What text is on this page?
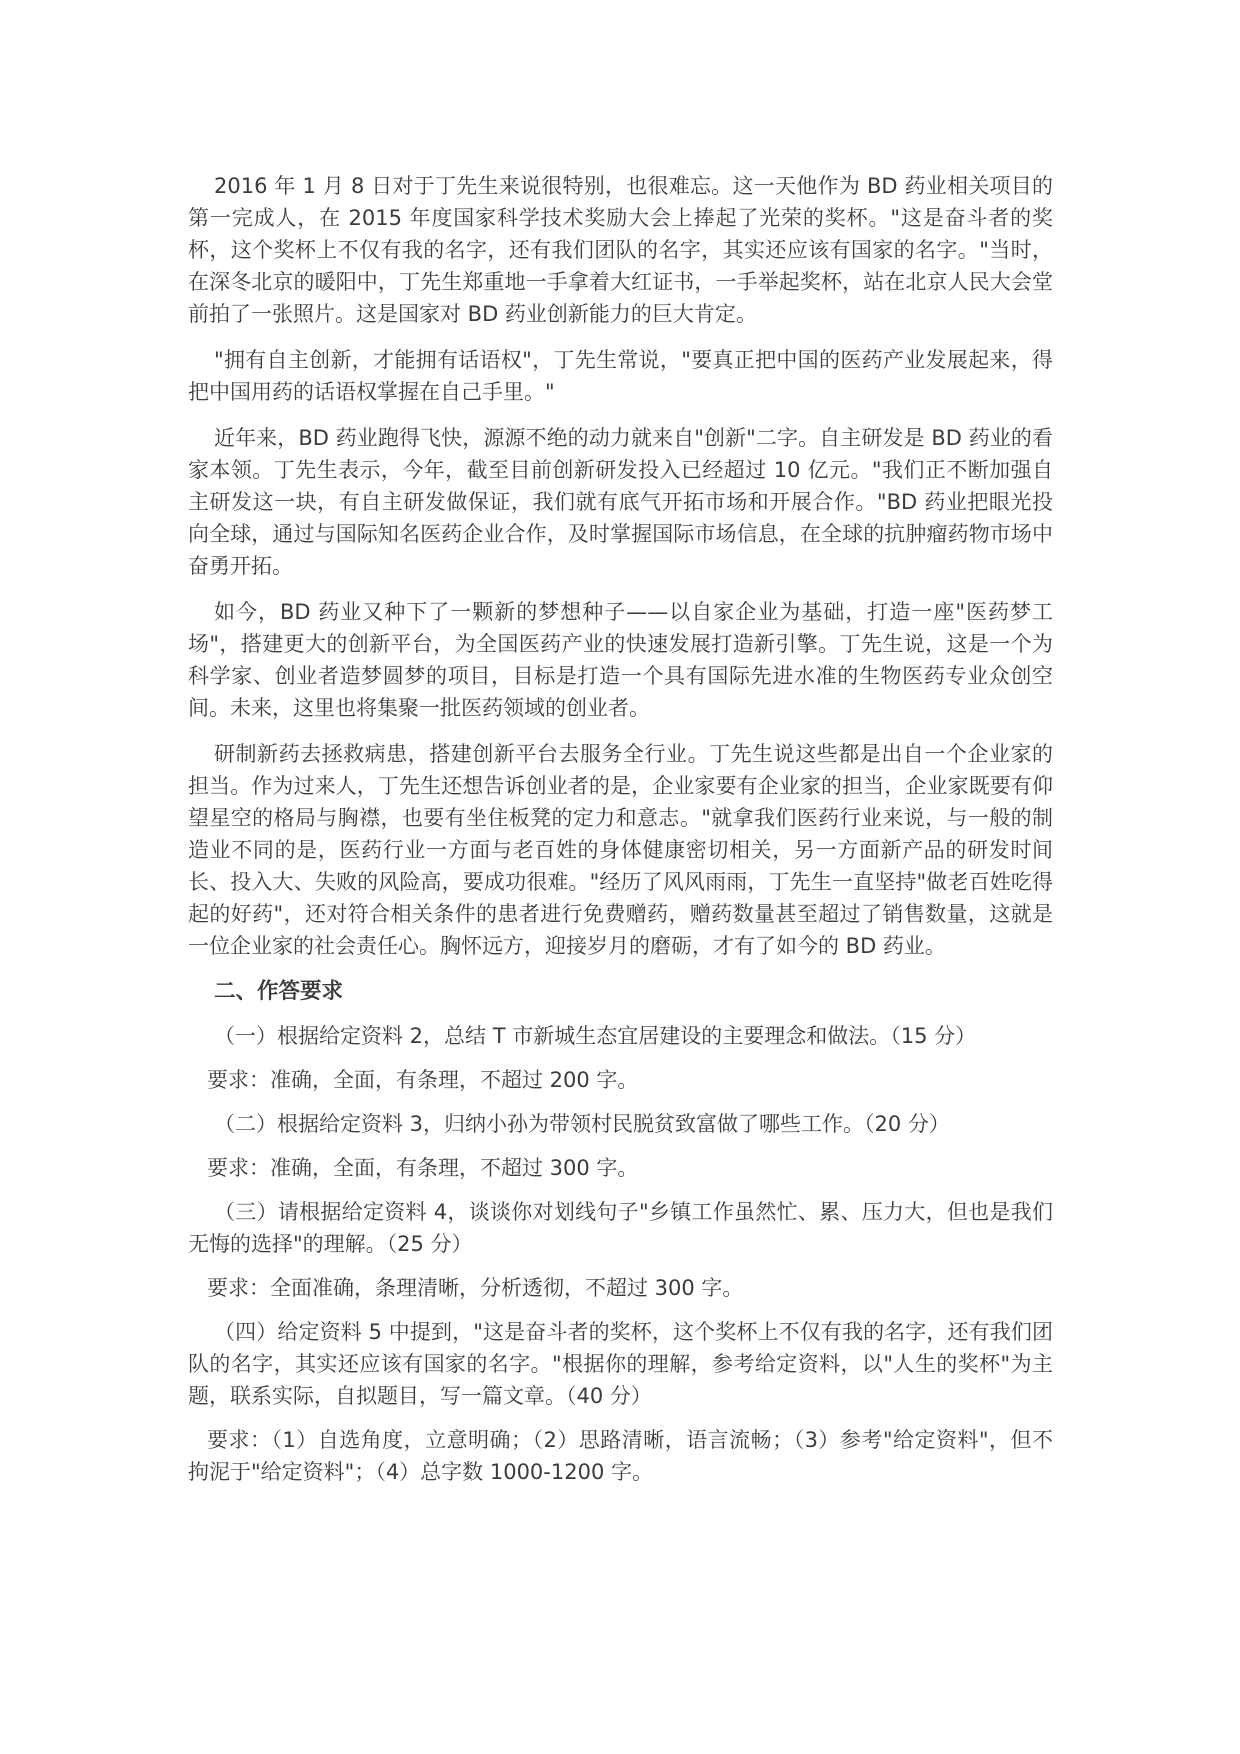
2016 年 1 月 8 日对于丁先生来说很特别，也很难忘。这一天他作为 BD 药业相关项目的第一完成人，在 2015 年度国家科学技术奖励大会上捧起了光荣的奖杯。"这是奋斗者的奖杯，这个奖杯上不仅有我的名字，还有我们团队的名字，其实还应该有国家的名字。"当时，在深冬北京的暖阳中，丁先生郑重地一手拿着大红证书，一手举起奖杯，站在北京人民大会堂前拍了一张照片。这是国家对 BD 药业创新能力的巨大肯定。

"拥有自主创新，才能拥有话语权"，丁先生常说，"要真正把中国的医药产业发展起来，得把中国用药的话语权掌握在自己手里。"

近年来，BD 药业跑得飞快，源源不绝的动力就来自"创新"二字。自主研发是 BD 药业的看家本领。丁先生表示，今年，截至目前创新研发投入已经超过 10 亿元。"我们正不断加强自主研发这一块，有自主研发做保证，我们就有底气开拓市场和开展合作。"BD 药业把眼光投向全球，通过与国际知名医药企业合作，及时掌握国际市场信息，在全球的抗肿瘤药物市场中奋勇开拓。

如今，BD 药业又种下了一颗新的梦想种子——以自家企业为基础，打造一座"医药梦工场"，搭建更大的创新平台，为全国医药产业的快速发展打造新引擎。丁先生说，这是一个为科学家、创业者造梦圆梦的项目，目标是打造一个具有国际先进水准的生物医药专业众创空间。未来，这里也将集聚一批医药领域的创业者。

研制新药去拯救病患，搭建创新平台去服务全行业。丁先生说这些都是出自一个企业家的担当。作为过来人，丁先生还想告诉创业者的是，企业家要有企业家的担当，企业家既要有仰望星空的格局与胸襟，也要有坐住板凳的定力和意志。"就拿我们医药行业来说，与一般的制造业不同的是，医药行业一方面与老百姓的身体健康密切相关，另一方面新产品的研发时间长、投入大、失败的风险高，要成功很难。"经历了风风雨雨，丁先生一直坚持"做老百姓吃得起的好药"，还对符合相关条件的患者进行免费赠药，赠药数量甚至超过了销售数量，这就是一位企业家的社会责任心。胸怀远方，迎接岁月的磨砺，才有了如今的 BD 药业。

二、作答要求

（一）根据给定资料 2，总结 T 市新城生态宜居建设的主要理念和做法。（15 分）

要求：准确，全面，有条理，不超过 200 字。

（二）根据给定资料 3，归纳小孙为带领村民脱贫致富做了哪些工作。（20 分）

要求：准确，全面，有条理，不超过 300 字。

（三）请根据给定资料 4，谈谈你对划线句子"乡镇工作虽然忙、累、压力大，但也是我们无悔的选择"的理解。（25 分）

要求：全面准确，条理清晰，分析透彻，不超过 300 字。

（四）给定资料 5 中提到，"这是奋斗者的奖杯，这个奖杯上不仅有我的名字，还有我们团队的名字，其实还应该有国家的名字。"根据你的理解，参考给定资料，以"人生的奖杯"为主题，联系实际，自拟题目，写一篇文章。（40 分）

要求：（1）自选角度，立意明确；（2）思路清晰，语言流畅；（3）参考"给定资料"，但不拘泥于"给定资料"；（4）总字数 1000-1200 字。
